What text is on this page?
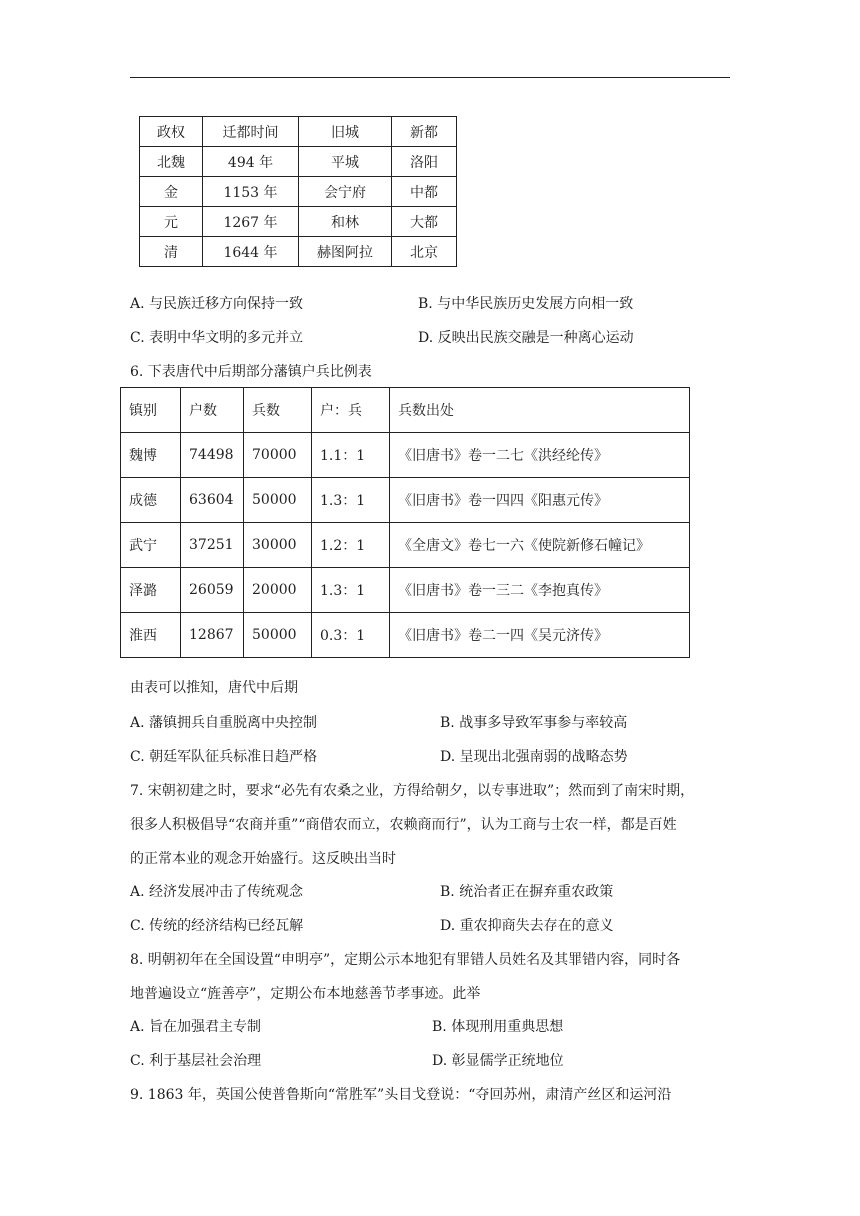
政权	迁都时间	旧城	新都
北魏	494 年	平城	洛阳
金	1153 年	会宁府	中都
元	1267 年	和林	大都
清	1644 年	赫图阿拉	北京
A. 与民族迁移方向保持一致	B. 与中华民族历史发展方向相一致
C. 表明中华文明的多元并立	D. 反映出民族交融是一种离心运动
6. 下表唐代中后期部分藩镇户兵比例表
镇别	户数	兵数	户：兵	兵数出处
魏博	74498	70000	1.1：1	《旧唐书》卷一二七《洪经纶传》
成德	63604	50000	1.3：1	《旧唐书》卷一四四《阳惠元传》
武宁	37251	30000	1.2：1	《全唐文》卷七一六《使院新修石幢记》
泽潞	26059	20000	1.3：1	《旧唐书》卷一三二《李抱真传》
淮西	12867	50000	0.3：1	《旧唐书》卷二一四《吴元济传》
由表可以推知，唐代中后期
A. 藩镇拥兵自重脱离中央控制	B. 战事多导致军事参与率较高
C. 朝廷军队征兵标准日趋严格	D. 呈现出北强南弱的战略态势
7. 宋朝初建之时，要求“必先有农桑之业，方得给朝夕，以专事进取”；然而到了南宋时期，
很多人积极倡导“农商并重”“商借农而立，农赖商而行”，认为工商与士农一样，都是百姓
的正常本业的观念开始盛行。这反映出当时
A. 经济发展冲击了传统观念	B. 统治者正在摒弃重农政策
C. 传统的经济结构已经瓦解	D. 重农抑商失去存在的意义
8. 明朝初年在全国设置“申明亭”，定期公示本地犯有罪错人员姓名及其罪错内容，同时各
地普遍设立“旌善亭”，定期公布本地慈善节孝事迹。此举
A. 旨在加强君主专制	B. 体现刑用重典思想
C. 利于基层社会治理	D. 彰显儒学正统地位
9. 1863 年，英国公使普鲁斯向“常胜军”头目戈登说：“夺回苏州，肃清产丝区和运河沿
